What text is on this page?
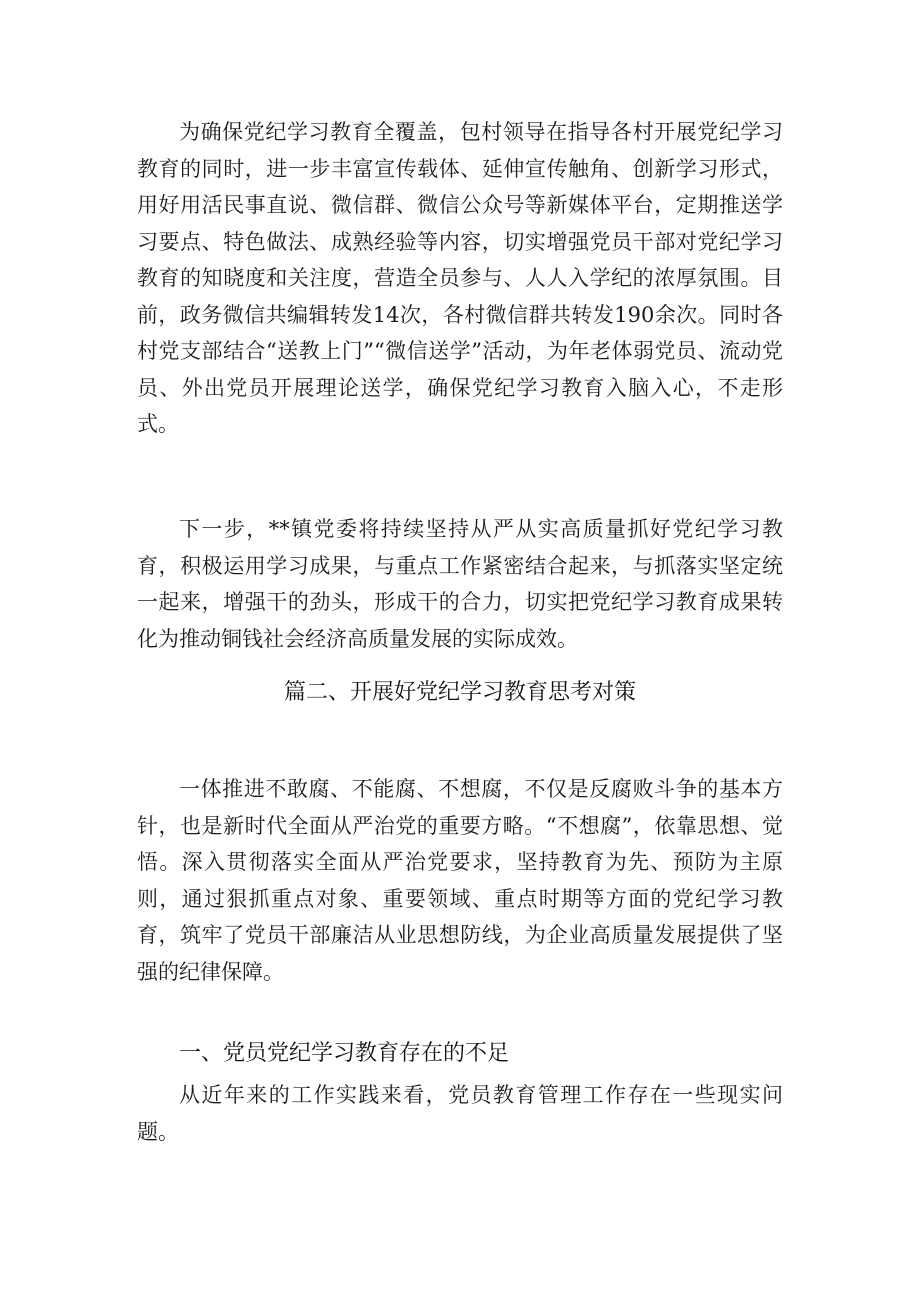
为确保党纪学习教育全覆盖，包村领导在指导各村开展党纪学习教育的同时，进一步丰富宣传载体、延伸宣传触角、创新学习形式，用好用活民事直说、微信群、微信公众号等新媒体平台，定期推送学习要点、特色做法、成熟经验等内容，切实增强党员干部对党纪学习教育的知晓度和关注度，营造全员参与、人人入学纪的浓厚氛围。目前，政务微信共编辑转发14次，各村微信群共转发190余次。同时各村党支部结合“送教上门”“微信送学”活动，为年老体弱党员、流动党员、外出党员开展理论送学，确保党纪学习教育入脑入心，不走形式。

下一步，**镇党委将持续坚持从严从实高质量抓好党纪学习教育，积极运用学习成果，与重点工作紧密结合起来，与抓落实坚定统一起来，增强干的劲头，形成干的合力，切实把党纪学习教育成果转化为推动铜钱社会经济高质量发展的实际成效。

篇二、开展好党纪学习教育思考对策

一体推进不敢腐、不能腐、不想腐，不仅是反腐败斗争的基本方针，也是新时代全面从严治党的重要方略。“不想腐”，依靠思想、觉悟。深入贯彻落实全面从严治党要求，坚持教育为先、预防为主原则，通过狠抓重点对象、重要领域、重点时期等方面的党纪学习教育，筑牢了党员干部廉洁从业思想防线，为企业高质量发展提供了坚强的纪律保障。

一、党员党纪学习教育存在的不足

从近年来的工作实践来看，党员教育管理工作存在一些现实问题。
